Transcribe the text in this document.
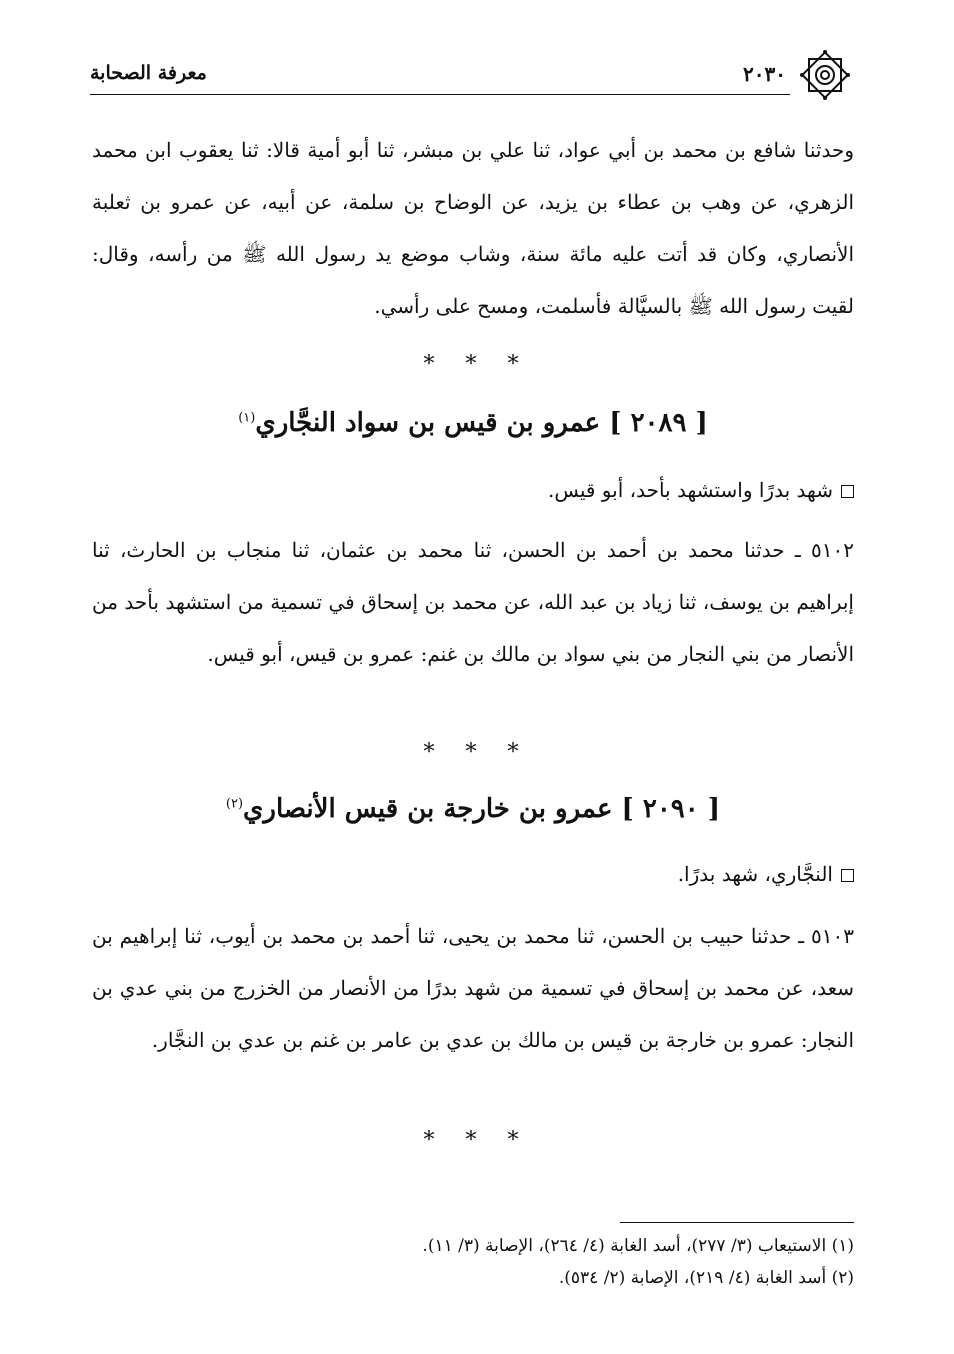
٢٠٣٠
معرفة الصحابة

وحدثنا شافع بن محمد بن أبي عواد، ثنا علي بن مبشر، ثنا أبو أمية قالا: ثنا يعقوب ابن محمد الزهري، عن وهب بن عطاء بن يزيد، عن الوضاح بن سلمة، عن أبيه، عن عمرو بن ثعلبة الأنصاري، وكان قد أتت عليه مائة سنة، وشاب موضع يد رسول الله ﷺ من رأسه، وقال: لقيت رسول الله ﷺ بالسيَّالة فأسلمت، ومسح على رأسي.

* * *
[ ٢٠٨٩ ] عمرو بن قيس بن سواد النجَّاري$^{(١)}$
شهد بدرًا واستشهد بأحد، أبو قيس.

٥١٠٢ ـ حدثنا محمد بن أحمد بن الحسن، ثنا محمد بن عثمان، ثنا منجاب بن الحارث، ثنا إبراهيم بن يوسف، ثنا زياد بن عبد الله، عن محمد بن إسحاق في تسمية من استشهد بأحد من الأنصار من بني النجار من بني سواد بن مالك بن غنم: عمرو بن قيس، أبو قيس.

* * *
[ ٢٠٩٠ ] عمرو بن خارجة بن قيس الأنصاري$^{(٢)}$
النجَّاري، شهد بدرًا.

٥١٠٣ ـ حدثنا حبيب بن الحسن، ثنا محمد بن يحيى، ثنا أحمد بن محمد بن أيوب، ثنا إبراهيم بن سعد، عن محمد بن إسحاق في تسمية من شهد بدرًا من الأنصار من الخزرج من بني عدي بن النجار: عمرو بن خارجة بن قيس بن مالك بن عدي بن عامر بن غنم بن عدي بن النجَّار.

* * *
(١) الاستيعاب (٣/ ٢٧٧)، أسد الغابة (٤/ ٢٦٤)، الإصابة (٣/ ١١).
(٢) أسد الغابة (٤/ ٢١٩)، الإصابة (٢/ ٥٣٤).
